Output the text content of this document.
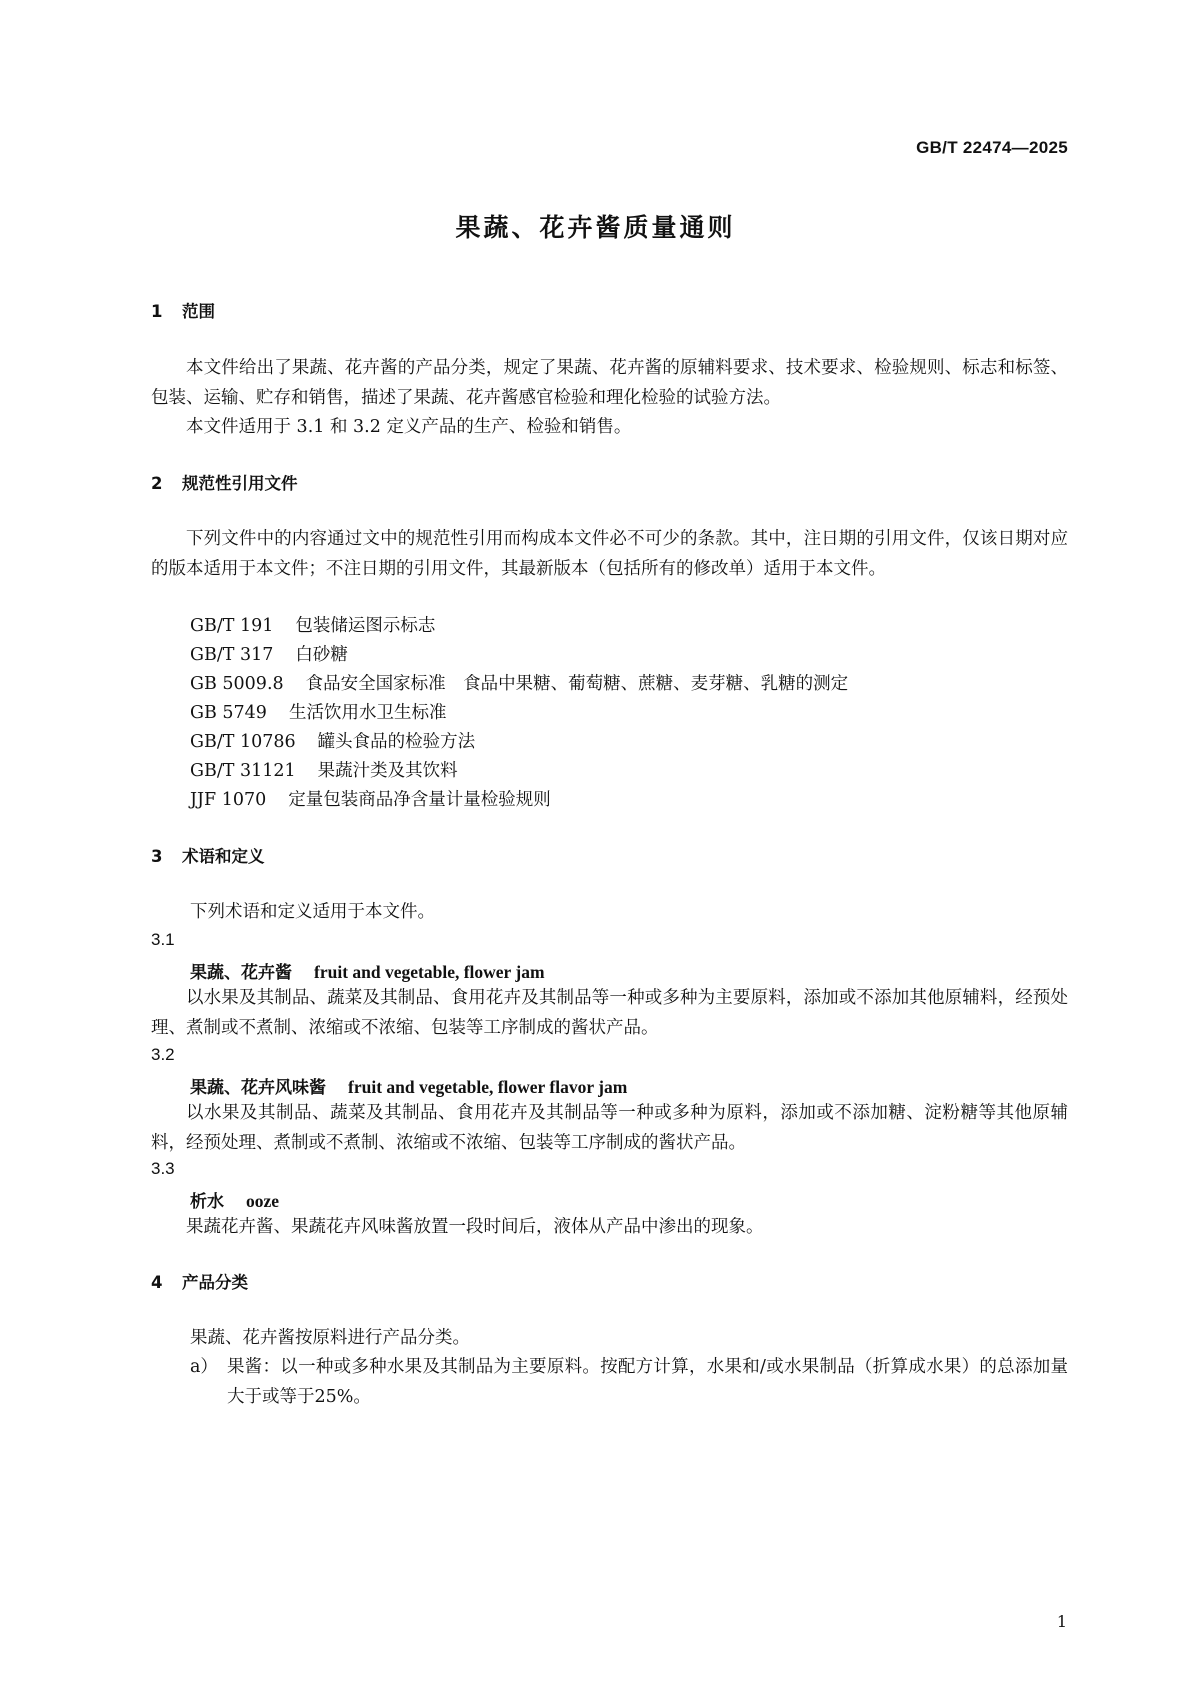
GB/T 22474—2025
果蔬、花卉酱质量通则
1 范围
本文件给出了果蔬、花卉酱的产品分类，规定了果蔬、花卉酱的原辅料要求、技术要求、检验规则、标志和标签、包装、运输、贮存和销售，描述了果蔬、花卉酱感官检验和理化检验的试验方法。
本文件适用于 3.1 和 3.2 定义产品的生产、检验和销售。
2 规范性引用文件
下列文件中的内容通过文中的规范性引用而构成本文件必不可少的条款。其中，注日期的引用文件，仅该日期对应的版本适用于本文件；不注日期的引用文件，其最新版本（包括所有的修改单）适用于本文件。
GB/T 191 包装储运图示标志
GB/T 317 白砂糖
GB 5009.8 食品安全国家标准　食品中果糖、葡萄糖、蔗糖、麦芽糖、乳糖的测定
GB 5749 生活饮用水卫生标准
GB/T 10786 罐头食品的检验方法
GB/T 31121 果蔬汁类及其饮料
JJF 1070 定量包装商品净含量计量检验规则
3 术语和定义
下列术语和定义适用于本文件。
3.1
果蔬、花卉酱 fruit and vegetable, flower jam
以水果及其制品、蔬菜及其制品、食用花卉及其制品等一种或多种为主要原料，添加或不添加其他原辅料，经预处理、煮制或不煮制、浓缩或不浓缩、包装等工序制成的酱状产品。
3.2
果蔬、花卉风味酱 fruit and vegetable, flower flavor jam
以水果及其制品、蔬菜及其制品、食用花卉及其制品等一种或多种为原料，添加或不添加糖、淀粉糖等其他原辅料，经预处理、煮制或不煮制、浓缩或不浓缩、包装等工序制成的酱状产品。
3.3
析水 ooze
果蔬花卉酱、果蔬花卉风味酱放置一段时间后，液体从产品中渗出的现象。
4 产品分类
果蔬、花卉酱按原料进行产品分类。
a） 果酱：以一种或多种水果及其制品为主要原料。按配方计算，水果和/或水果制品（折算成水果）的总添加量大于或等于25%。
1
